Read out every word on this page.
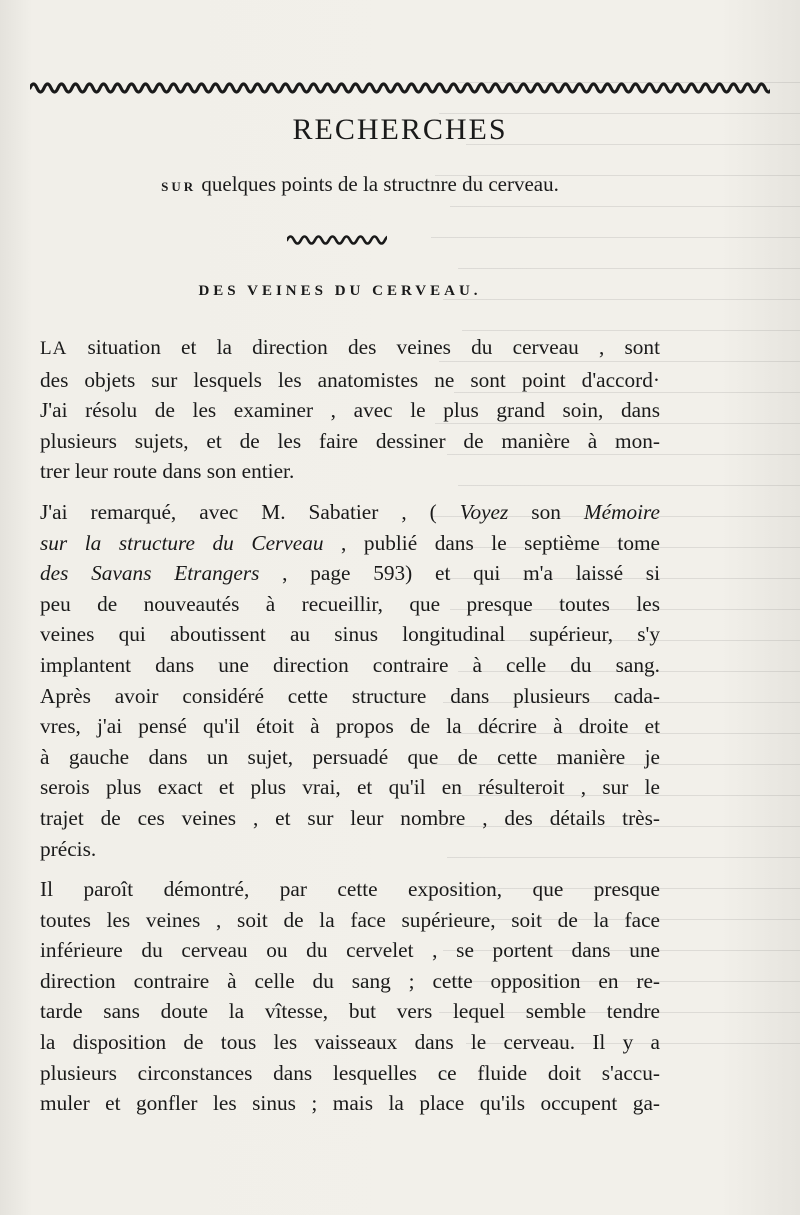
RECHERCHES
SUR quelques points de la structnre du cerveau.
DES VEINES DU CERVEAU.

LA situation et la direction des veines du cerveau , sont
des objets sur lesquels les anatomistes ne sont point d'accord·
J'ai résolu de les examiner , avec le plus grand soin, dans
plusieurs sujets, et de les faire dessiner de manière à mon-
trer leur route dans son entier.

J'ai remarqué, avec M. Sabatier , ( Voyez son Mémoire
sur la structure du Cerveau , publié dans le septième tome
des Savans Etrangers , page 593) et qui m'a laissé si
peu de nouveautés à recueillir, que presque toutes les
veines qui aboutissent au sinus longitudinal supérieur, s'y
implantent dans une direction contraire à celle du sang.
Après avoir considéré cette structure dans plusieurs cada-
vres, j'ai pensé qu'il étoit à propos de la décrire à droite et
à gauche dans un sujet, persuadé que de cette manière je
serois plus exact et plus vrai, et qu'il en résulteroit , sur le
trajet de ces veines , et sur leur nombre , des détails très-
précis.

Il paroît démontré, par cette exposition, que presque
toutes les veines , soit de la face supérieure, soit de la face
inférieure du cerveau ou du cervelet , se portent dans une
direction contraire à celle du sang ; cette opposition en re-
tarde sans doute la vîtesse, but vers lequel semble tendre
la disposition de tous les vaisseaux dans le cerveau. Il y a
plusieurs circonstances dans lesquelles ce fluide doit s'accu-
muler et gonfler les sinus ; mais la place qu'ils occupent ga-
